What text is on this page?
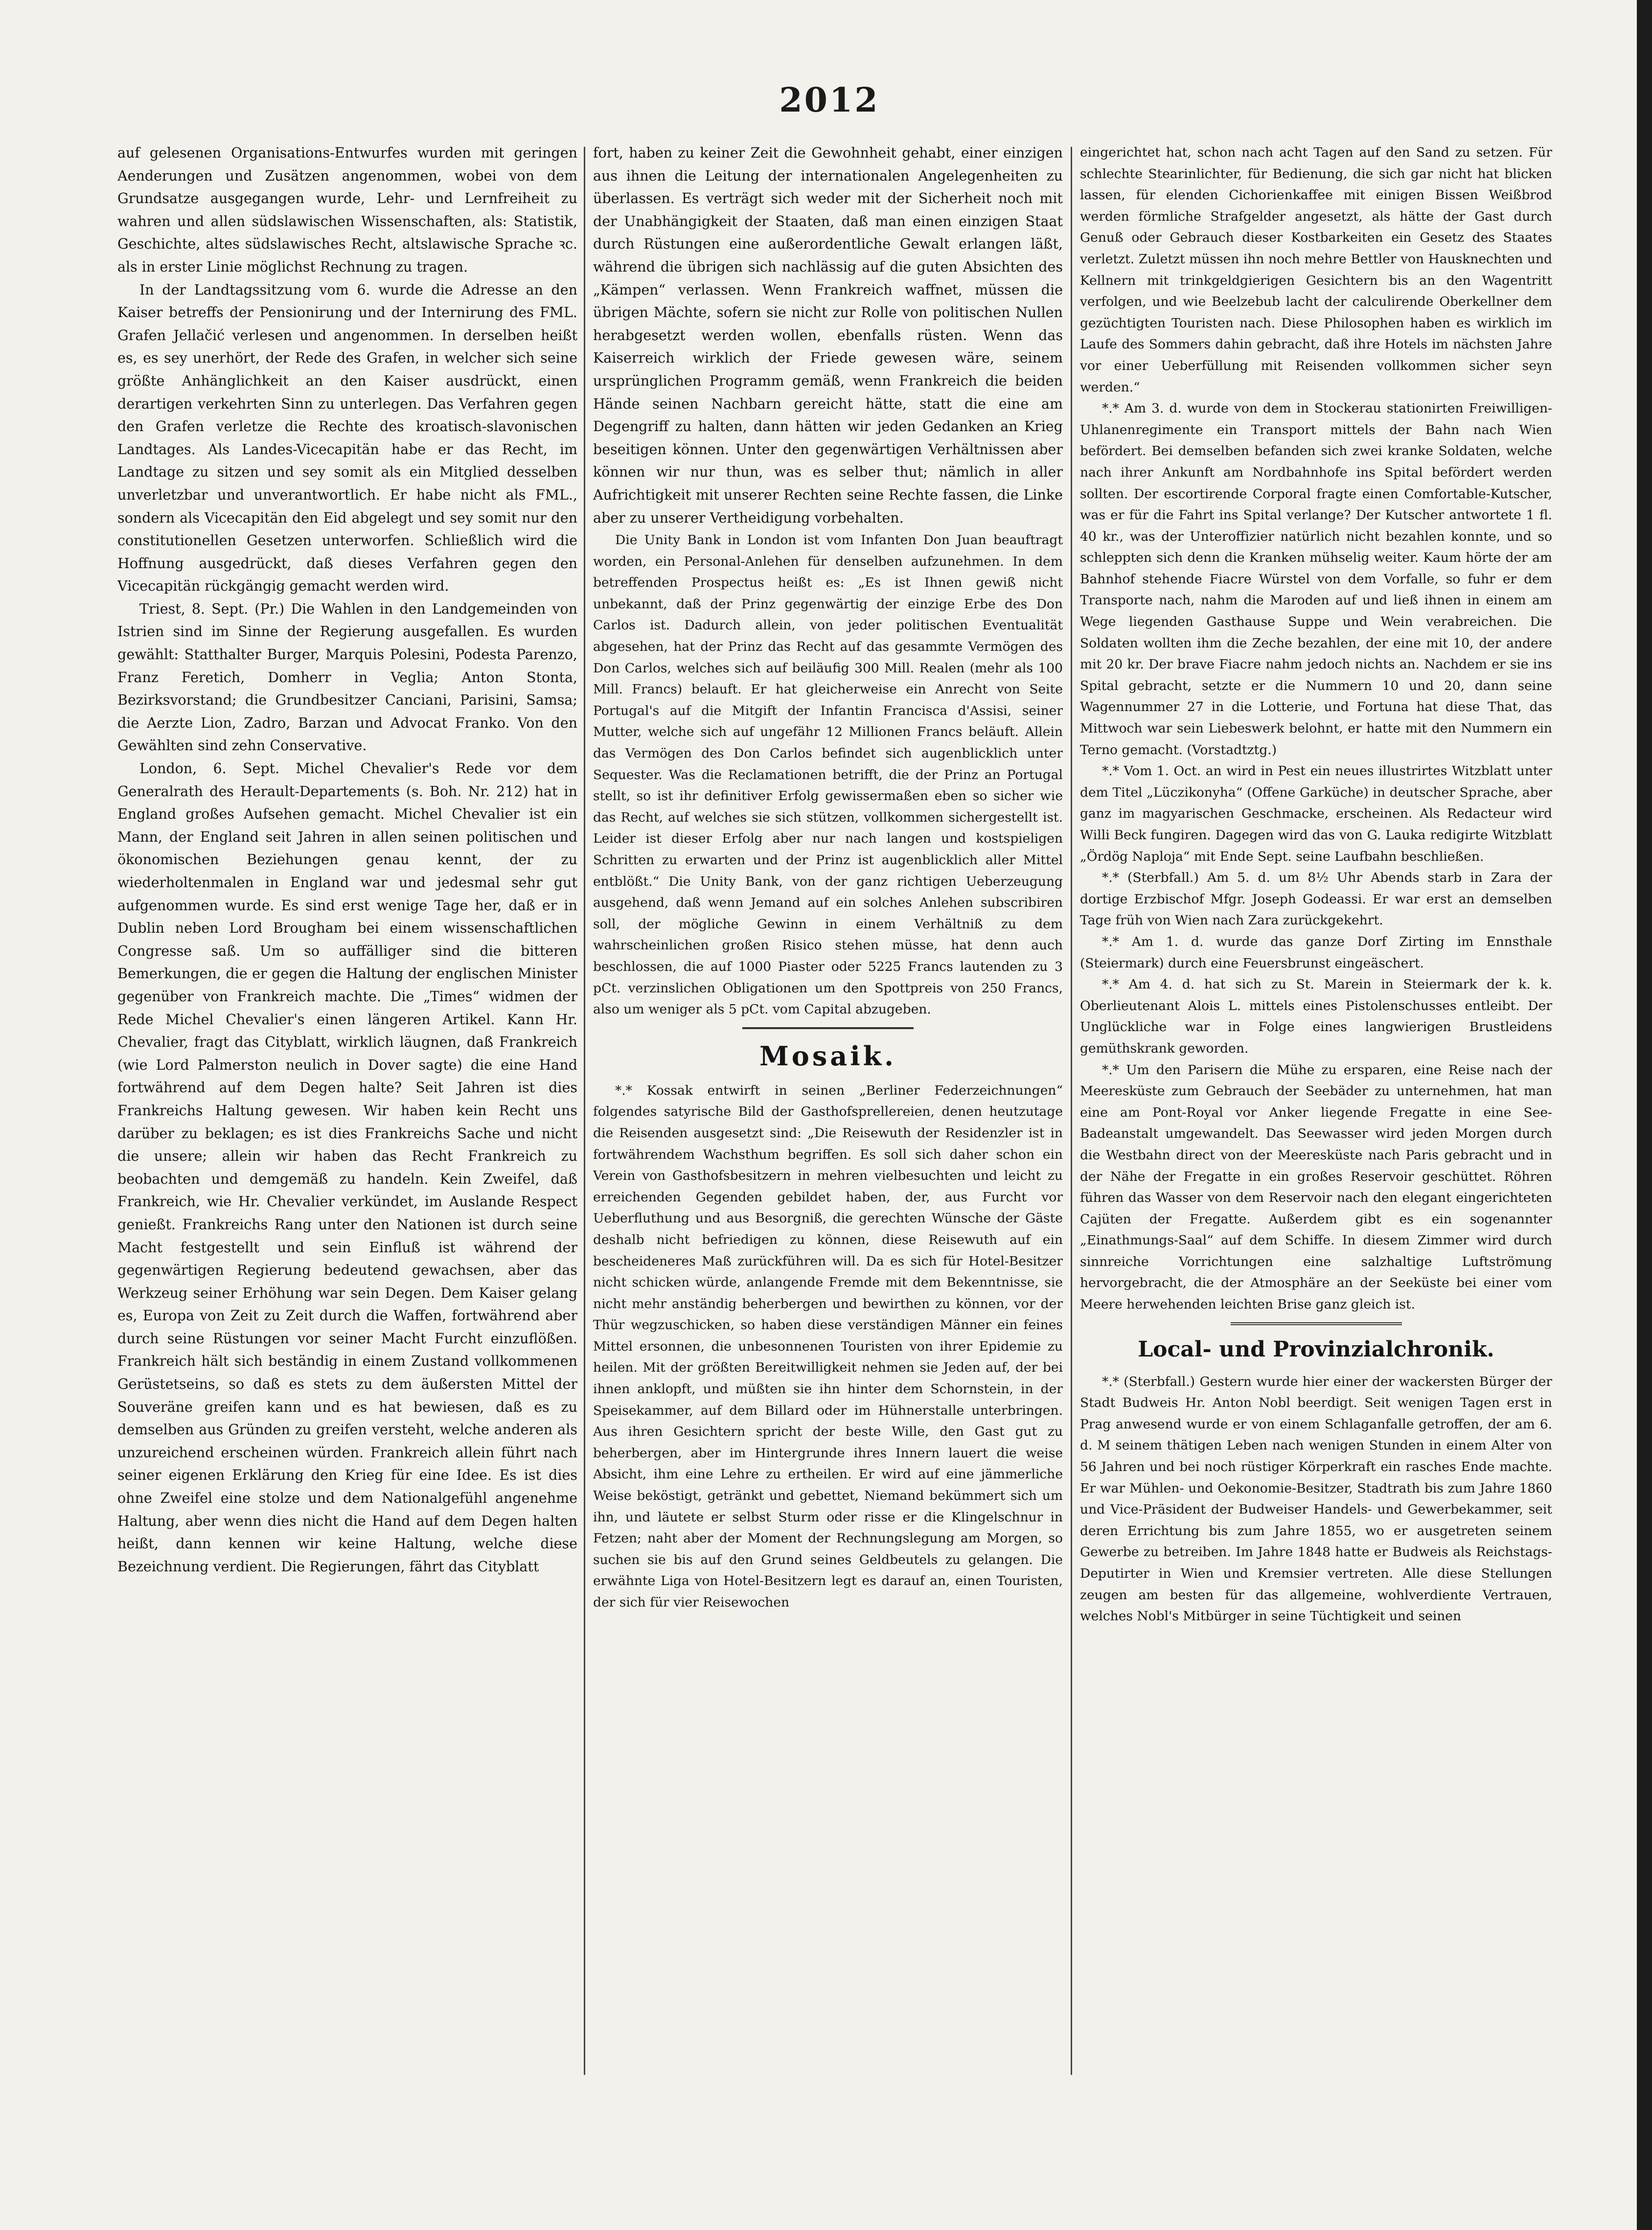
2012

auf gelesenen Organisations-Entwurfes wurden mit geringen Aenderungen und Zusätzen angenommen, wobei von dem Grundsatze ausgegangen wurde, Lehr- und Lernfreiheit zu wahren und allen südslawischen Wissenschaften, als: Statistik, Geschichte, altes südslawisches Recht, altslawische Sprache ꝛc. als in erster Linie möglichst Rechnung zu tragen.

In der Landtagssitzung vom 6. wurde die Adresse an den Kaiser betreffs der Pensionirung und der Internirung des FML. Grafen Jellačić verlesen und angenommen. In derselben heißt es, es sey unerhört, der Rede des Grafen, in welcher sich seine größte Anhänglichkeit an den Kaiser ausdrückt, einen derartigen verkehrten Sinn zu unterlegen. Das Verfahren gegen den Grafen verletze die Rechte des kroatisch-slavonischen Landtages. Als Landes-Vicecapitän habe er das Recht, im Landtage zu sitzen und sey somit als ein Mitglied desselben unverletzbar und unverantwortlich. Er habe nicht als FML., sondern als Vicecapitän den Eid abgelegt und sey somit nur den constitutionellen Gesetzen unterworfen. Schließlich wird die Hoffnung ausgedrückt, daß dieses Verfahren gegen den Vicecapitän rückgängig gemacht werden wird.

Triest, 8. Sept. (Pr.) Die Wahlen in den Landgemeinden von Istrien sind im Sinne der Regierung ausgefallen. Es wurden gewählt: Statthalter Burger, Marquis Polesini, Podesta Parenzo, Franz Feretich, Domherr in Veglia; Anton Stonta, Bezirksvorstand; die Grundbesitzer Canciani, Parisini, Samsa; die Aerzte Lion, Zadro, Barzan und Advocat Franko. Von den Gewählten sind zehn Conservative.

London, 6. Sept. Michel Chevalier's Rede vor dem Generalrath des Herault-Departements (s. Boh. Nr. 212) hat in England großes Aufsehen gemacht. Michel Chevalier ist ein Mann, der England seit Jahren in allen seinen politischen und ökonomischen Beziehungen genau kennt, der zu wiederholtenmalen in England war und jedesmal sehr gut aufgenommen wurde. Es sind erst wenige Tage her, daß er in Dublin neben Lord Brougham bei einem wissenschaftlichen Congresse saß. Um so auffälliger sind die bitteren Bemerkungen, die er gegen die Haltung der englischen Minister gegenüber von Frankreich machte. Die „Times“ widmen der Rede Michel Chevalier's einen längeren Artikel. Kann Hr. Chevalier, fragt das Cityblatt, wirklich läugnen, daß Frankreich (wie Lord Palmerston neulich in Dover sagte) die eine Hand fortwährend auf dem Degen halte? Seit Jahren ist dies Frankreichs Haltung gewesen. Wir haben kein Recht uns darüber zu beklagen; es ist dies Frankreichs Sache und nicht die unsere; allein wir haben das Recht Frankreich zu beobachten und demgemäß zu handeln. Kein Zweifel, daß Frankreich, wie Hr. Chevalier verkündet, im Auslande Respect genießt. Frankreichs Rang unter den Nationen ist durch seine Macht festgestellt und sein Einfluß ist während der gegenwärtigen Regierung bedeutend gewachsen, aber das Werkzeug seiner Erhöhung war sein Degen. Dem Kaiser gelang es, Europa von Zeit zu Zeit durch die Waffen, fortwährend aber durch seine Rüstungen vor seiner Macht Furcht einzuflößen. Frankreich hält sich beständig in einem Zustand vollkommenen Gerüstetseins, so daß es stets zu dem äußersten Mittel der Souveräne greifen kann und es hat bewiesen, daß es zu demselben aus Gründen zu greifen versteht, welche anderen als unzureichend erscheinen würden. Frankreich allein führt nach seiner eigenen Erklärung den Krieg für eine Idee. Es ist dies ohne Zweifel eine stolze und dem Nationalgefühl angenehme Haltung, aber wenn dies nicht die Hand auf dem Degen halten heißt, dann kennen wir keine Haltung, welche diese Bezeichnung verdient. Die Regierungen, fährt das Cityblatt

fort, haben zu keiner Zeit die Gewohnheit gehabt, einer einzigen aus ihnen die Leitung der internationalen Angelegenheiten zu überlassen. Es verträgt sich weder mit der Sicherheit noch mit der Unabhängigkeit der Staaten, daß man einen einzigen Staat durch Rüstungen eine außerordentliche Gewalt erlangen läßt, während die übrigen sich nachlässig auf die guten Absichten des „Kämpen“ verlassen. Wenn Frankreich waffnet, müssen die übrigen Mächte, sofern sie nicht zur Rolle von politischen Nullen herabgesetzt werden wollen, ebenfalls rüsten. Wenn das Kaiserreich wirklich der Friede gewesen wäre, seinem ursprünglichen Programm gemäß, wenn Frankreich die beiden Hände seinen Nachbarn gereicht hätte, statt die eine am Degengriff zu halten, dann hätten wir jeden Gedanken an Krieg beseitigen können. Unter den gegenwärtigen Verhältnissen aber können wir nur thun, was es selber thut; nämlich in aller Aufrichtigkeit mit unserer Rechten seine Rechte fassen, die Linke aber zu unserer Vertheidigung vorbehalten.

Die Unity Bank in London ist vom Infanten Don Juan beauftragt worden, ein Personal-Anlehen für denselben aufzunehmen. In dem betreffenden Prospectus heißt es: „Es ist Ihnen gewiß nicht unbekannt, daß der Prinz gegenwärtig der einzige Erbe des Don Carlos ist. Dadurch allein, von jeder politischen Eventualität abgesehen, hat der Prinz das Recht auf das gesammte Vermögen des Don Carlos, welches sich auf beiläufig 300 Mill. Realen (mehr als 100 Mill. Francs) belauft. Er hat gleicherweise ein Anrecht von Seite Portugal's auf die Mitgift der Infantin Francisca d'Assisi, seiner Mutter, welche sich auf ungefähr 12 Millionen Francs beläuft. Allein das Vermögen des Don Carlos befindet sich augenblicklich unter Sequester. Was die Reclamationen betrifft, die der Prinz an Portugal stellt, so ist ihr definitiver Erfolg gewissermaßen eben so sicher wie das Recht, auf welches sie sich stützen, vollkommen sichergestellt ist. Leider ist dieser Erfolg aber nur nach langen und kostspieligen Schritten zu erwarten und der Prinz ist augenblicklich aller Mittel entblößt.“ Die Unity Bank, von der ganz richtigen Ueberzeugung ausgehend, daß wenn Jemand auf ein solches Anlehen subscribiren soll, der mögliche Gewinn in einem Verhältniß zu dem wahrscheinlichen großen Risico stehen müsse, hat denn auch beschlossen, die auf 1000 Piaster oder 5225 Francs lautenden zu 3 pCt. verzinslichen Obligationen um den Spottpreis von 250 Francs, also um weniger als 5 pCt. vom Capital abzugeben.

Mosaik.

*.* Kossak entwirft in seinen „Berliner Federzeichnungen“ folgendes satyrische Bild der Gasthofsprellereien, denen heutzutage die Reisenden ausgesetzt sind: „Die Reisewuth der Residenzler ist in fortwährendem Wachsthum begriffen. Es soll sich daher schon ein Verein von Gasthofsbesitzern in mehren vielbesuchten und leicht zu erreichenden Gegenden gebildet haben, der, aus Furcht vor Ueberfluthung und aus Besorgniß, die gerechten Wünsche der Gäste deshalb nicht befriedigen zu können, diese Reisewuth auf ein bescheideneres Maß zurückführen will. Da es sich für Hotel-Besitzer nicht schicken würde, anlangende Fremde mit dem Bekenntnisse, sie nicht mehr anständig beherbergen und bewirthen zu können, vor der Thür wegzuschicken, so haben diese verständigen Männer ein feines Mittel ersonnen, die unbesonnenen Touristen von ihrer Epidemie zu heilen. Mit der größten Bereitwilligkeit nehmen sie Jeden auf, der bei ihnen anklopft, und müßten sie ihn hinter dem Schornstein, in der Speisekammer, auf dem Billard oder im Hühnerstalle unterbringen. Aus ihren Gesichtern spricht der beste Wille, den Gast gut zu beherbergen, aber im Hintergrunde ihres Innern lauert die weise Absicht, ihm eine Lehre zu ertheilen. Er wird auf eine jämmerliche Weise beköstigt, getränkt und gebettet, Niemand bekümmert sich um ihn, und läutete er selbst Sturm oder risse er die Klingelschnur in Fetzen; naht aber der Moment der Rechnungslegung am Morgen, so suchen sie bis auf den Grund seines Geldbeutels zu gelangen. Die erwähnte Liga von Hotel-Besitzern legt es darauf an, einen Touristen, der sich für vier Reisewochen

eingerichtet hat, schon nach acht Tagen auf den Sand zu setzen. Für schlechte Stearinlichter, für Bedienung, die sich gar nicht hat blicken lassen, für elenden Cichorienkaffee mit einigen Bissen Weißbrod werden förmliche Strafgelder angesetzt, als hätte der Gast durch Genuß oder Gebrauch dieser Kostbarkeiten ein Gesetz des Staates verletzt. Zuletzt müssen ihn noch mehre Bettler von Hausknechten und Kellnern mit trinkgeldgierigen Gesichtern bis an den Wagentritt verfolgen, und wie Beelzebub lacht der calculirende Oberkellner dem gezüchtigten Touristen nach. Diese Philosophen haben es wirklich im Laufe des Sommers dahin gebracht, daß ihre Hotels im nächsten Jahre vor einer Ueberfüllung mit Reisenden vollkommen sicher seyn werden.“

*.* Am 3. d. wurde von dem in Stockerau stationirten Freiwilligen-Uhlanenregimente ein Transport mittels der Bahn nach Wien befördert. Bei demselben befanden sich zwei kranke Soldaten, welche nach ihrer Ankunft am Nordbahnhofe ins Spital befördert werden sollten. Der escortirende Corporal fragte einen Comfortable-Kutscher, was er für die Fahrt ins Spital verlange? Der Kutscher antwortete 1 fl. 40 kr., was der Unteroffizier natürlich nicht bezahlen konnte, und so schleppten sich denn die Kranken mühselig weiter. Kaum hörte der am Bahnhof stehende Fiacre Würstel von dem Vorfalle, so fuhr er dem Transporte nach, nahm die Maroden auf und ließ ihnen in einem am Wege liegenden Gasthause Suppe und Wein verabreichen. Die Soldaten wollten ihm die Zeche bezahlen, der eine mit 10, der andere mit 20 kr. Der brave Fiacre nahm jedoch nichts an. Nachdem er sie ins Spital gebracht, setzte er die Nummern 10 und 20, dann seine Wagennummer 27 in die Lotterie, und Fortuna hat diese That, das Mittwoch war sein Liebeswerk belohnt, er hatte mit den Nummern ein Terno gemacht. (Vorstadtztg.)

*.* Vom 1. Oct. an wird in Pest ein neues illustrirtes Witzblatt unter dem Titel „Lüczikonyha“ (Offene Garküche) in deutscher Sprache, aber ganz im magyarischen Geschmacke, erscheinen. Als Redacteur wird Willi Beck fungiren. Dagegen wird das von G. Lauka redigirte Witzblatt „Ördög Naploja“ mit Ende Sept. seine Laufbahn beschließen.

*.* (Sterbfall.) Am 5. d. um 8½ Uhr Abends starb in Zara der dortige Erzbischof Mfgr. Joseph Godeassi. Er war erst an demselben Tage früh von Wien nach Zara zurückgekehrt.

*.* Am 1. d. wurde das ganze Dorf Zirting im Ennsthale (Steiermark) durch eine Feuersbrunst eingeäschert.

*.* Am 4. d. hat sich zu St. Marein in Steiermark der k. k. Oberlieutenant Alois L. mittels eines Pistolenschusses entleibt. Der Unglückliche war in Folge eines langwierigen Brustleidens gemüthskrank geworden.

*.* Um den Parisern die Mühe zu ersparen, eine Reise nach der Meeresküste zum Gebrauch der Seebäder zu unternehmen, hat man eine am Pont-Royal vor Anker liegende Fregatte in eine See-Badeanstalt umgewandelt. Das Seewasser wird jeden Morgen durch die Westbahn direct von der Meeresküste nach Paris gebracht und in der Nähe der Fregatte in ein großes Reservoir geschüttet. Röhren führen das Wasser von dem Reservoir nach den elegant eingerichteten Cajüten der Fregatte. Außerdem gibt es ein sogenannter „Einathmungs-Saal“ auf dem Schiffe. In diesem Zimmer wird durch sinnreiche Vorrichtungen eine salzhaltige Luftströmung hervorgebracht, die der Atmosphäre an der Seeküste bei einer vom Meere herwehenden leichten Brise ganz gleich ist.

Local- und Provinzialchronik.

*.* (Sterbfall.) Gestern wurde hier einer der wackersten Bürger der Stadt Budweis Hr. Anton Nobl beerdigt. Seit wenigen Tagen erst in Prag anwesend wurde er von einem Schlaganfalle getroffen, der am 6. d. M seinem thätigen Leben nach wenigen Stunden in einem Alter von 56 Jahren und bei noch rüstiger Körperkraft ein rasches Ende machte. Er war Mühlen- und Oekonomie-Besitzer, Stadtrath bis zum Jahre 1860 und Vice-Präsident der Budweiser Handels- und Gewerbekammer, seit deren Errichtung bis zum Jahre 1855, wo er ausgetreten seinem Gewerbe zu betreiben. Im Jahre 1848 hatte er Budweis als Reichstags-Deputirter in Wien und Kremsier vertreten. Alle diese Stellungen zeugen am besten für das allgemeine, wohlverdiente Vertrauen, welches Nobl's Mitbürger in seine Tüchtigkeit und seinen
